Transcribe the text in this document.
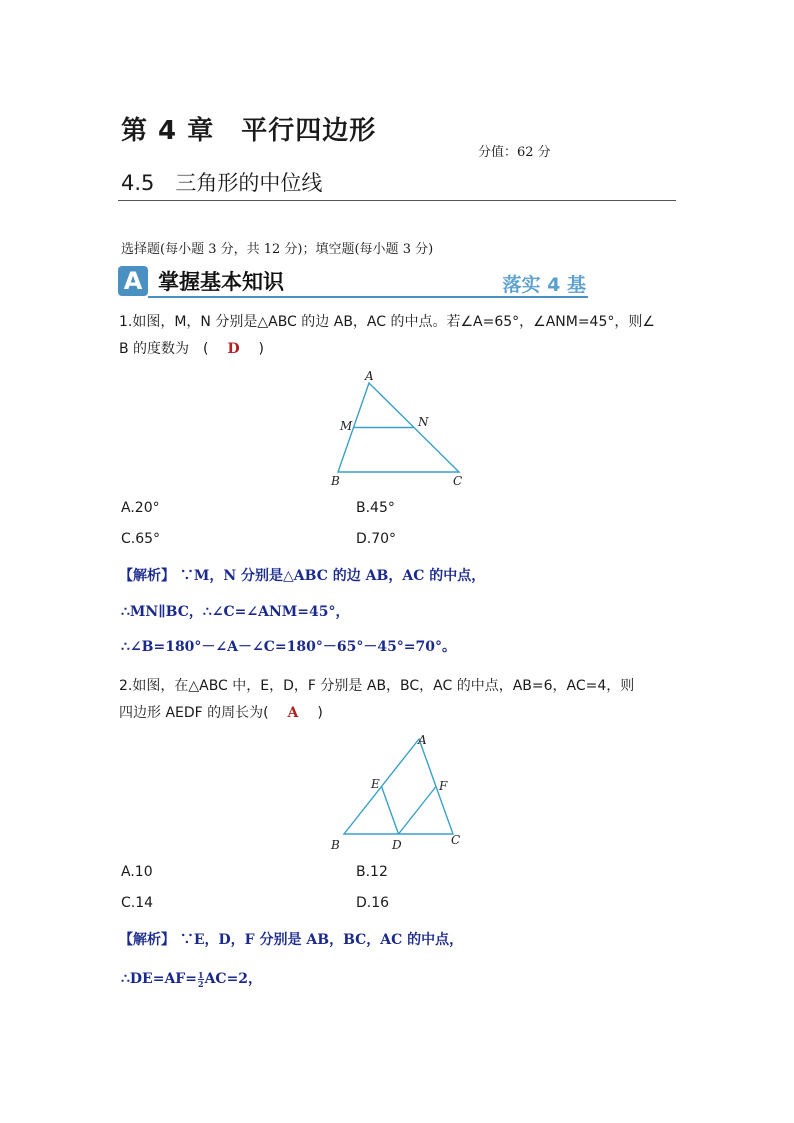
第 4 章　平行四边形
分值：62 分
4.5　三角形的中位线
选择题(每小题 3 分，共 12 分)；填空题(每小题 3 分)
A 掌握基本知识	落实 4 基
1.如图，M，N 分别是△ABC 的边 AB，AC 的中点。若∠A=65°，∠ANM=45°，则∠
B 的度数为　( D )
A
M	N
B	C
A.20°	B.45°
C.65°	D.70°
【解析】 ∵M，N 分别是△ABC 的边 AB，AC 的中点，
∴MN∥BC，∴∠C=∠ANM=45°，
∴∠B=180°－∠A－∠C=180°－65°－45°=70°。
2.如图，在△ABC 中，E，D，F 分别是 AB，BC，AC 的中点，AB=6，AC=4，则
四边形 AEDF 的周长为( A )
A
E	F
B	D	C
A.10	B.12
C.14	D.16
【解析】 ∵E，D，F 分别是 AB，BC，AC 的中点，
∴DE=AF= $\frac{1}{2} AC=2$，
